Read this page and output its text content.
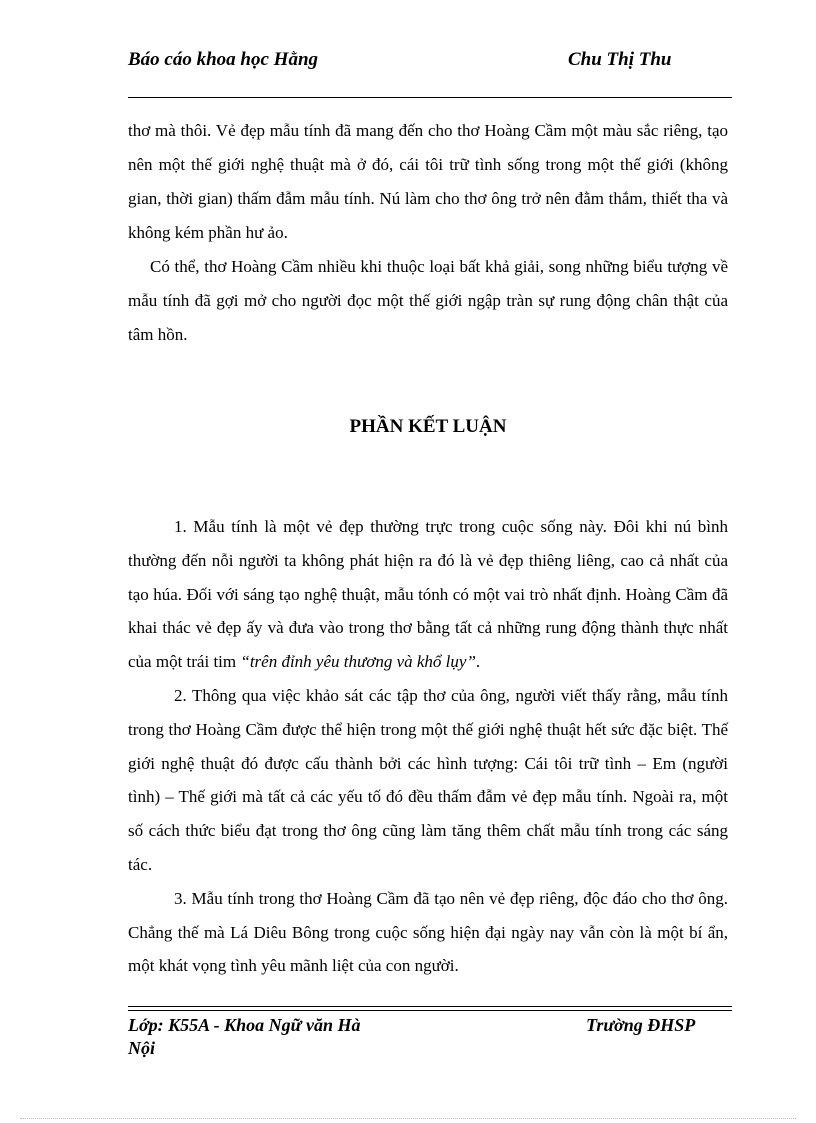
Báo cáo khoa học Hằng	Chu Thị Thu

thơ mà thôi. Vẻ đẹp mẫu tính đã mang đến cho thơ Hoàng Cầm một màu sắc riêng, tạo nên một thế giới nghệ thuật mà ở đó, cái tôi trữ tình sống trong một thế giới (không gian, thời gian) thấm đẫm mẫu tính. Nú làm cho thơ ông trở nên đằm thắm, thiết tha và không kém phần hư ảo.

Có thể, thơ Hoàng Cầm nhiều khi thuộc loại bất khả giải, song những biểu tượng về mẫu tính đã gợi mở cho người đọc một thế giới ngập tràn sự rung động chân thật của tâm hồn.

PHẦN KẾT LUẬN

1. Mẫu tính là một vẻ đẹp thường trực trong cuộc sống này. Đôi khi nú bình thường đến nỗi người ta không phát hiện ra đó là vẻ đẹp thiêng liêng, cao cả nhất của tạo húa. Đối với sáng tạo nghệ thuật, mẫu tónh có một vai trò nhất định. Hoàng Cầm đã khai thác vẻ đẹp ấy và đưa vào trong thơ bằng tất cả những rung động thành thực nhất của một trái tim “trên đỉnh yêu thương và khổ lụy”.

2. Thông qua việc khảo sát các tập thơ của ông, người viết thấy rằng, mẫu tính trong thơ Hoàng Cầm được thể hiện trong một thế giới nghệ thuật hết sức đặc biệt. Thế giới nghệ thuật đó được cấu thành bởi các hình tượng: Cái tôi trữ tình – Em (người tình) – Thế giới mà tất cả các yếu tố đó đều thấm đẫm vẻ đẹp mẫu tính. Ngoài ra, một số cách thức biểu đạt trong thơ ông cũng làm tăng thêm chất mẫu tính trong các sáng tác.

3. Mẫu tính trong thơ Hoàng Cầm đã tạo nên vẻ đẹp riêng, độc đáo cho thơ ông. Chẳng thế mà Lá Diêu Bông trong cuộc sống hiện đại ngày nay vẫn còn là một bí ẩn, một khát vọng tình yêu mãnh liệt của con người.

Lớp: K55A - Khoa Ngữ văn Hà Nội
Trường ĐHSP
